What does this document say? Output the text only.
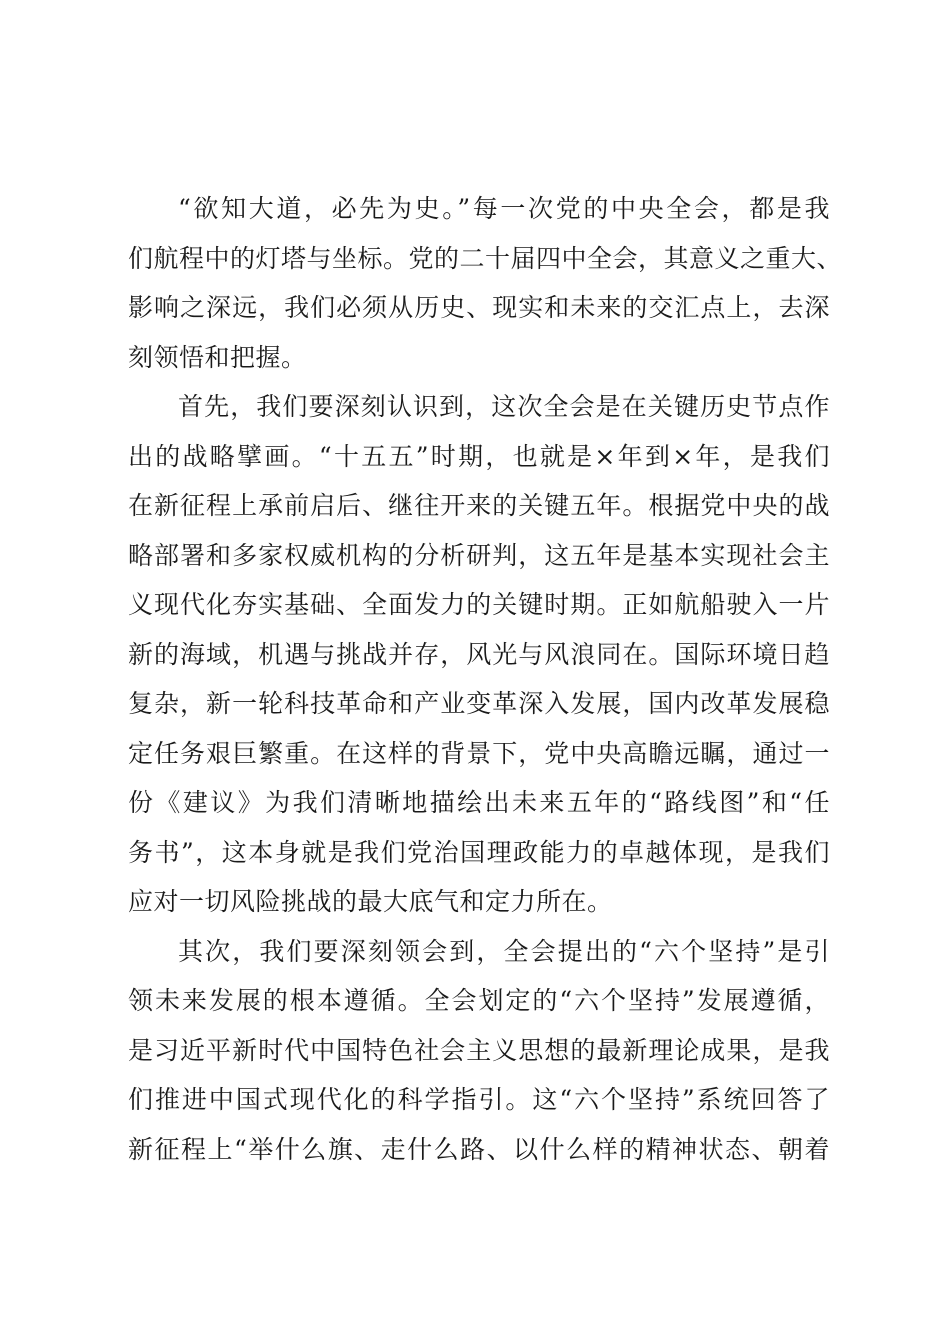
“欲知大道，必先为史。”每一次党的中央全会，都是我
们航程中的灯塔与坐标。党的二十届四中全会，其意义之重大、
影响之深远，我们必须从历史、现实和未来的交汇点上，去深
刻领悟和把握。
首先，我们要深刻认识到，这次全会是在关键历史节点作
出的战略擘画。“十五五”时期，也就是×年到×年，是我们
在新征程上承前启后、继往开来的关键五年。根据党中央的战
略部署和多家权威机构的分析研判，这五年是基本实现社会主
义现代化夯实基础、全面发力的关键时期。正如航船驶入一片
新的海域，机遇与挑战并存，风光与风浪同在。国际环境日趋
复杂，新一轮科技革命和产业变革深入发展，国内改革发展稳
定任务艰巨繁重。在这样的背景下，党中央高瞻远瞩，通过一
份《建议》为我们清晰地描绘出未来五年的“路线图”和“任
务书”，这本身就是我们党治国理政能力的卓越体现，是我们
应对一切风险挑战的最大底气和定力所在。
其次，我们要深刻领会到，全会提出的“六个坚持”是引
领未来发展的根本遵循。全会划定的“六个坚持”发展遵循，
是习近平新时代中国特色社会主义思想的最新理论成果，是我
们推进中国式现代化的科学指引。这“六个坚持”系统回答了
新征程上“举什么旗、走什么路、以什么样的精神状态、朝着
